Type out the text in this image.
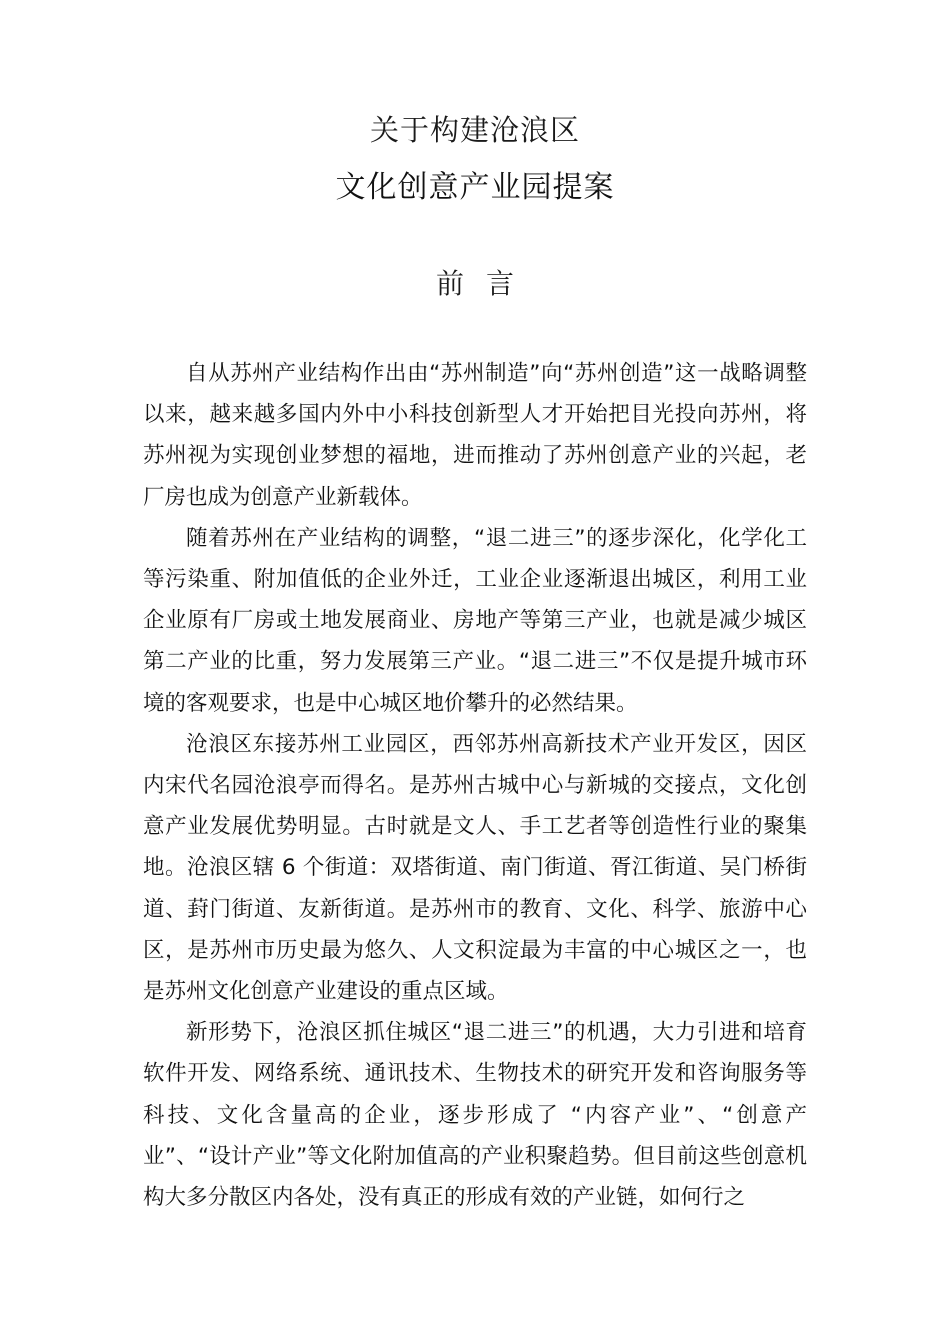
关于构建沧浪区
文化创意产业园提案
前言

自从苏州产业结构作出由“苏州制造”向“苏州创造”这一战略调整以来，越来越多国内外中小科技创新型人才开始把目光投向苏州，将苏州视为实现创业梦想的福地，进而推动了苏州创意产业的兴起，老厂房也成为创意产业新载体。

随着苏州在产业结构的调整，“退二进三”的逐步深化，化学化工等污染重、附加值低的企业外迁，工业企业逐渐退出城区，利用工业企业原有厂房或土地发展商业、房地产等第三产业，也就是减少城区第二产业的比重，努力发展第三产业。“退二进三”不仅是提升城市环境的客观要求，也是中心城区地价攀升的必然结果。

沧浪区东接苏州工业园区，西邻苏州高新技术产业开发区，因区内宋代名园沧浪亭而得名。是苏州古城中心与新城的交接点，文化创意产业发展优势明显。古时就是文人、手工艺者等创造性行业的聚集地。沧浪区辖 6 个街道：双塔街道、南门街道、胥江街道、吴门桥街道、葑门街道、友新街道。是苏州市的教育、文化、科学、旅游中心区，是苏州市历史最为悠久、人文积淀最为丰富的中心城区之一，也是苏州文化创意产业建设的重点区域。

新形势下，沧浪区抓住城区“退二进三”的机遇，大力引进和培育软件开发、网络系统、通讯技术、生物技术的研究开发和咨询服务等科技、文化含量高的企业，逐步形成了 “内容产业”、“创意产业”、“设计产业”等文化附加值高的产业积聚趋势。但目前这些创意机构大多分散区内各处，没有真正的形成有效的产业链，如何行之
